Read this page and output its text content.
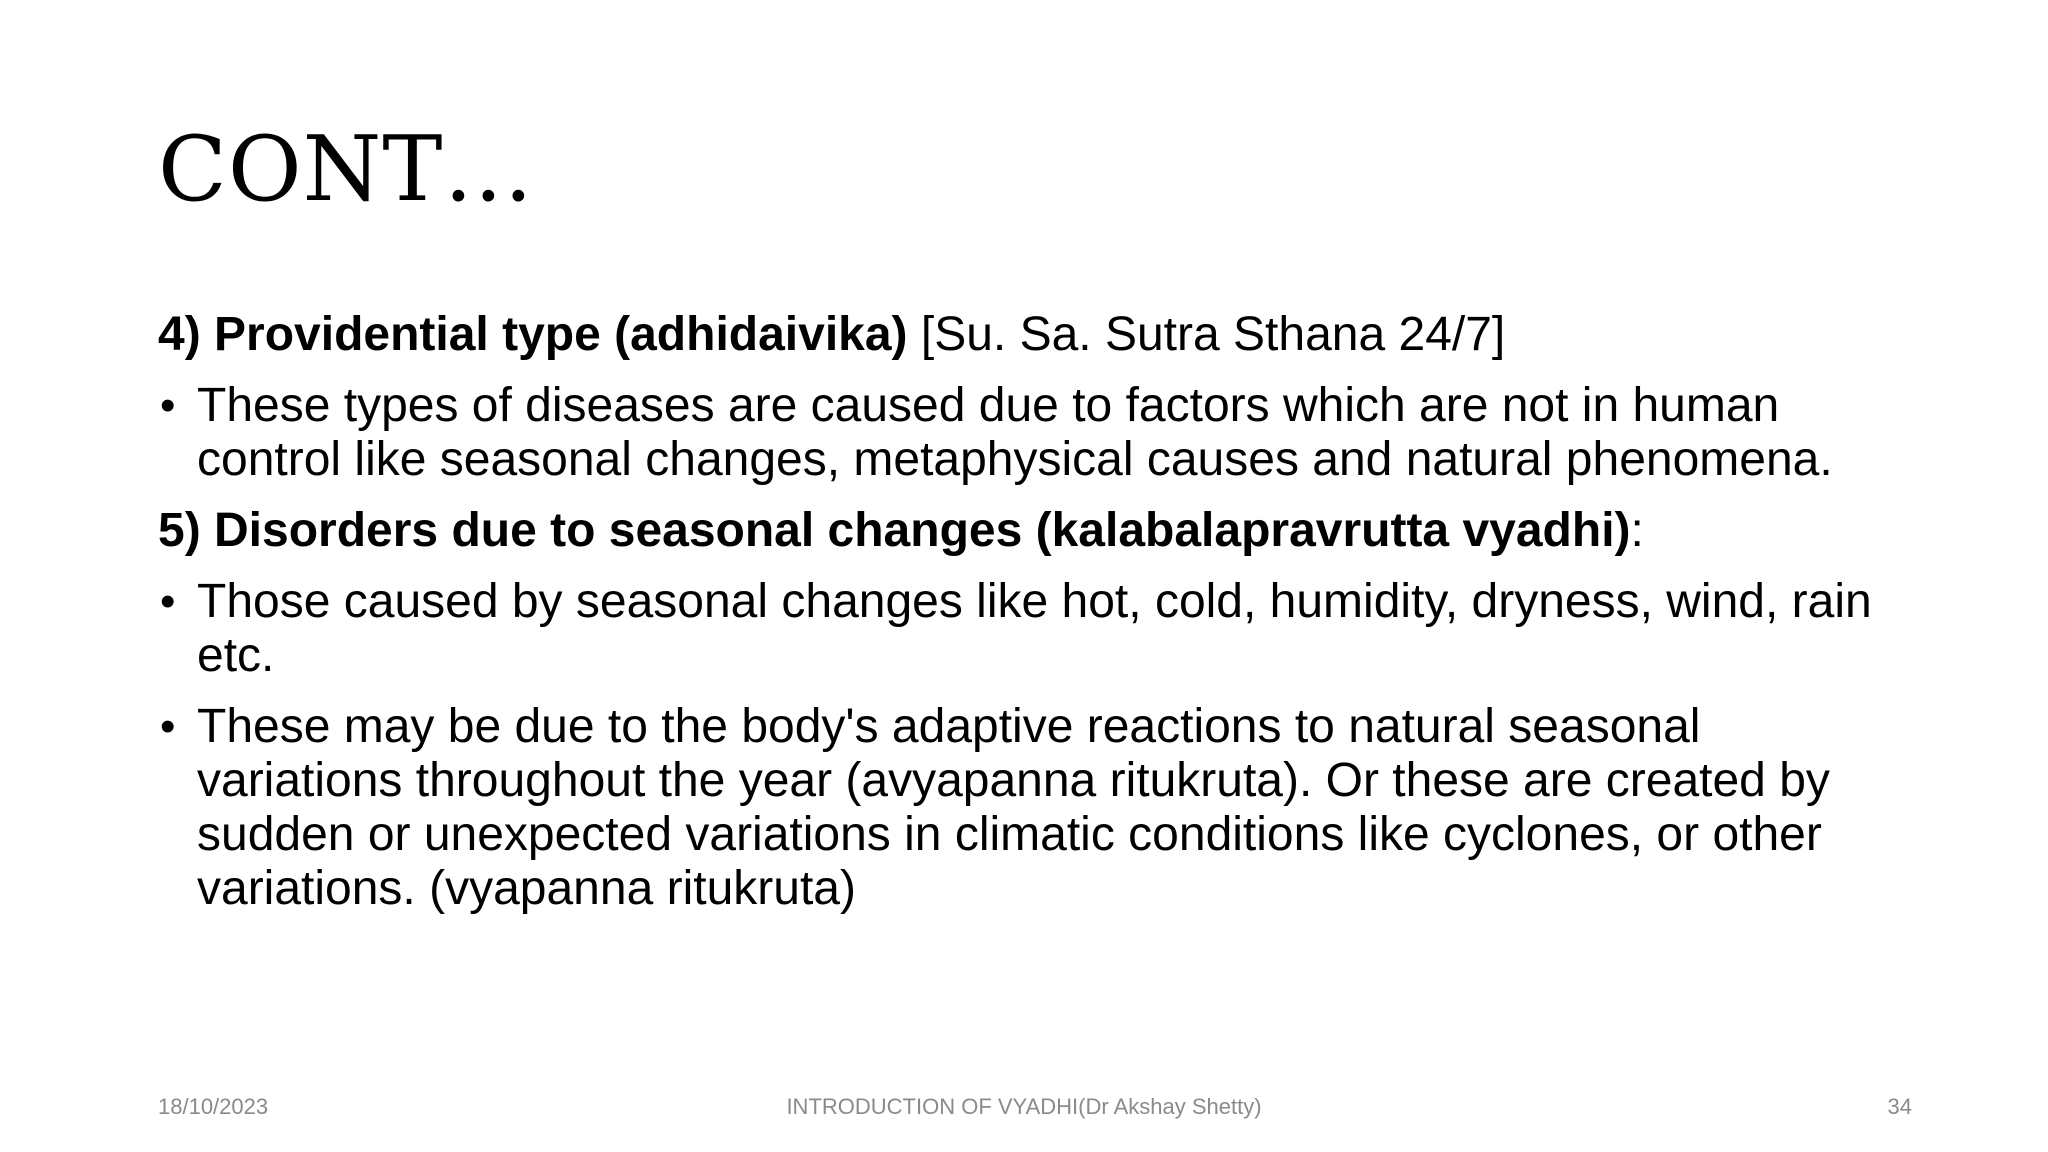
CONT…

4) Providential type (adhidaivika) [Su. Sa. Sutra Sthana 24/7]

• These types of diseases are caused due to factors which are not in human control like seasonal changes, metaphysical causes and natural phenomena.

5) Disorders due to seasonal changes (kalabalapravrutta vyadhi):

• Those caused by seasonal changes like hot, cold, humidity, dryness, wind, rain etc.
• These may be due to the body's adaptive reactions to natural seasonal variations throughout the year (avyapanna ritukruta). Or these are created by sudden or unexpected variations in climatic conditions like cyclones, or other variations. (vyapanna ritukruta)
18/10/2023	INTRODUCTION OF VYADHI(Dr Akshay Shetty)	34
